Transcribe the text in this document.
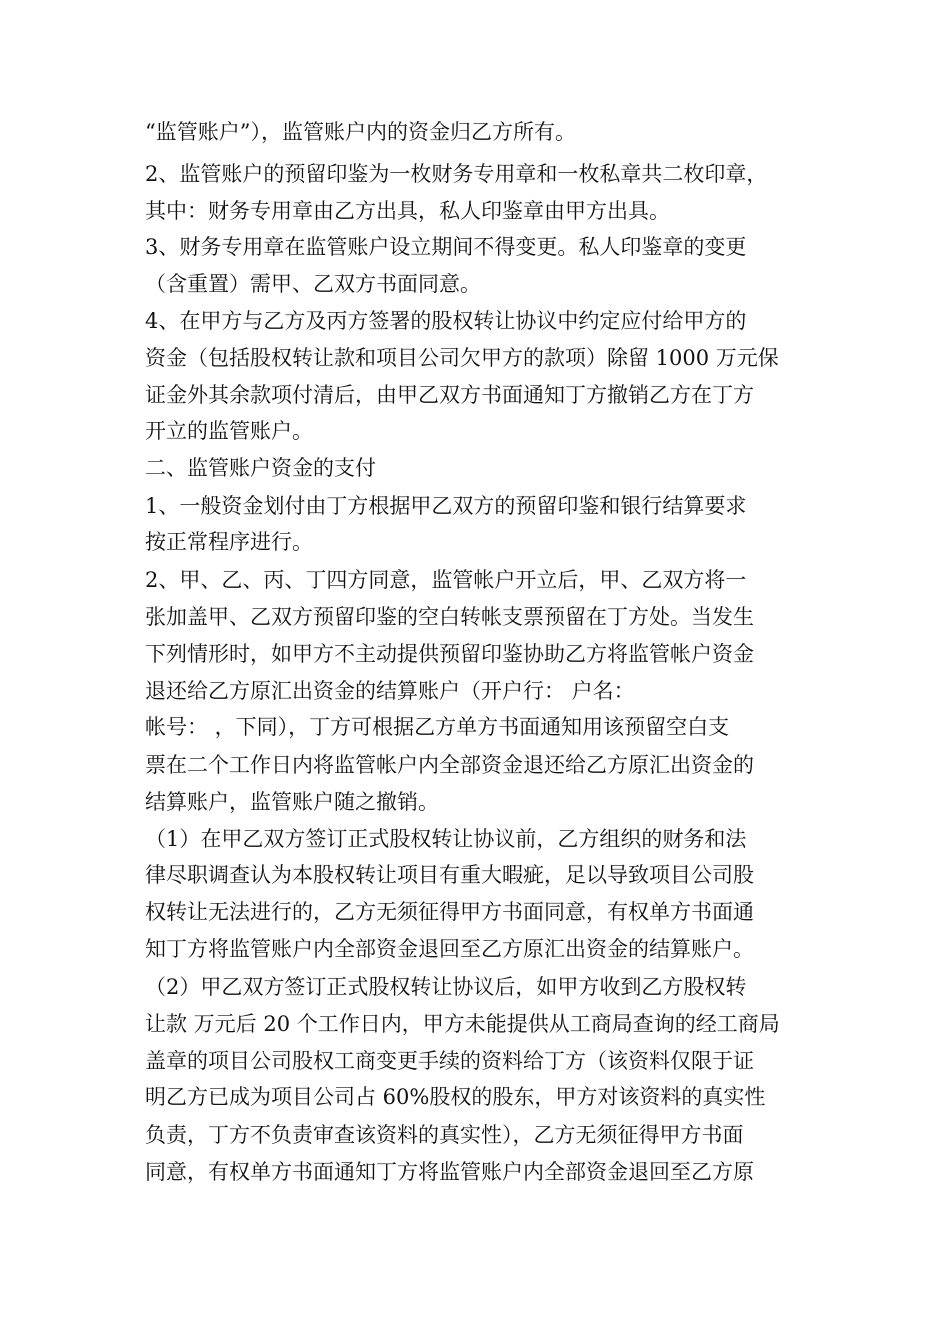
“监管账户”），监管账户内的资金归乙方所有。
2、监管账户的预留印鉴为一枚财务专用章和一枚私章共二枚印章，
其中：财务专用章由乙方出具，私人印鉴章由甲方出具。
3、财务专用章在监管账户设立期间不得变更。私人印鉴章的变更
（含重置）需甲、乙双方书面同意。
4、在甲方与乙方及丙方签署的股权转让协议中约定应付给甲方的
资金（包括股权转让款和项目公司欠甲方的款项）除留 1000 万元保
证金外其余款项付清后，由甲乙双方书面通知丁方撤销乙方在丁方
开立的监管账户。
二、监管账户资金的支付
1、一般资金划付由丁方根据甲乙双方的预留印鉴和银行结算要求
按正常程序进行。
2、甲、乙、丙、丁四方同意，监管帐户开立后，甲、乙双方将一
张加盖甲、乙双方预留印鉴的空白转帐支票预留在丁方处。当发生
下列情形时，如甲方不主动提供预留印鉴协助乙方将监管帐户资金
退还给乙方原汇出资金的结算账户（开户行： 户名：
帐号： ，下同），丁方可根据乙方单方书面通知用该预留空白支
票在二个工作日内将监管帐户内全部资金退还给乙方原汇出资金的
结算账户，监管账户随之撤销。
（1）在甲乙双方签订正式股权转让协议前，乙方组织的财务和法
律尽职调查认为本股权转让项目有重大暇疵，足以导致项目公司股
权转让无法进行的，乙方无须征得甲方书面同意，有权单方书面通
知丁方将监管账户内全部资金退回至乙方原汇出资金的结算账户。
（2）甲乙双方签订正式股权转让协议后，如甲方收到乙方股权转
让款 万元后 20 个工作日内，甲方未能提供从工商局查询的经工商局
盖章的项目公司股权工商变更手续的资料给丁方（该资料仅限于证
明乙方已成为项目公司占 60%股权的股东，甲方对该资料的真实性
负责，丁方不负责审查该资料的真实性），乙方无须征得甲方书面
同意，有权单方书面通知丁方将监管账户内全部资金退回至乙方原
